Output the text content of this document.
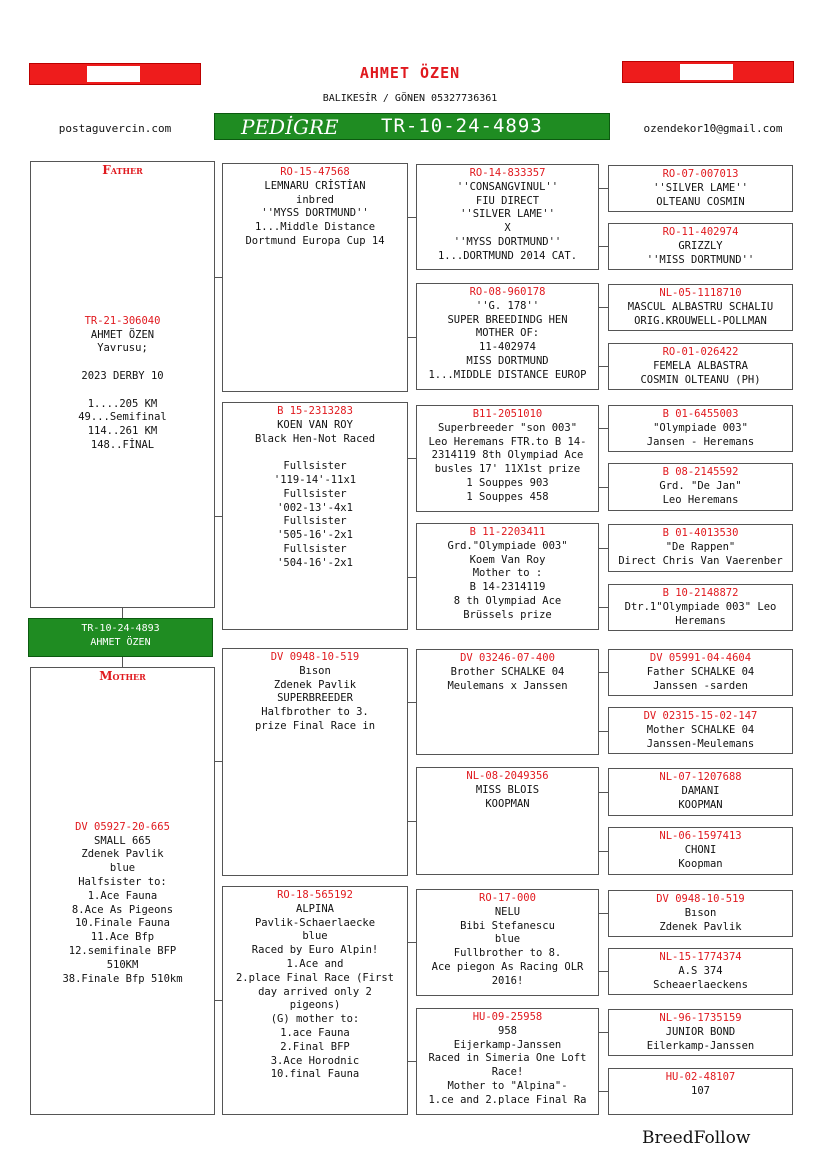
AHMET ÖZEN
BALIKESİR / GÖNEN 05327736361
postaguvercin.com	ozendekor10@gmail.com
PEDİGRE TR-10-24-4893
Father
TR-21-306040
AHMET ÖZEN
Yavrusu;

2023 DERBY 10

1....205 KM
49...Semifinal
114..261 KM
148..FİNAL
TR-10-24-4893
AHMET ÖZEN
Mother
DV 05927-20-665
SMALL 665
Zdenek Pavlik
blue
Halfsister to:
1.Ace Fauna
8.Ace As Pigeons
10.Finale Fauna
11.Ace Bfp
12.semifinale BFP
510KM
38.Finale Bfp 510km
RO-15-47568
LEMNARU CRİSTİAN
inbred
''MYSS DORTMUND''
1...Middle Distance
Dortmund Europa Cup 14
B 15-2313283
KOEN VAN ROY
Black Hen-Not Raced

Fullsister
'119-14'-11x1
Fullsister
'002-13'-4x1
Fullsister
'505-16'-2x1
Fullsister
'504-16'-2x1
DV 0948-10-519
Bıson
Zdenek Pavlik
SUPERBREEDER
Halfbrother to 3.
prize Final Race in
RO-18-565192
ALPINA
Pavlik-Schaerlaecke
blue
Raced by Euro Alpin!
1.Ace and
2.place Final Race (First
day arrived only 2
pigeons)
(G) mother to:
1.ace Fauna
2.Final BFP
3.Ace Horodnic
10.final Fauna
RO-14-833357
''CONSANGVINUL''
FIU DIRECT
''SILVER LAME''
X
''MYSS DORTMUND''
1...DORTMUND 2014 CAT.
RO-08-960178
''G. 178''
SUPER BREEDINDG HEN
MOTHER OF:
11-402974
MISS DORTMUND
1...MIDDLE DISTANCE EUROP
B11-2051010
Superbreeder "son 003"
Leo Heremans FTR.to B 14-
2314119 8th Olympiad Ace
busles 17' 11X1st prize
1 Souppes 903
1 Souppes 458
B 11-2203411
Grd."Olympiade 003"
Koem Van Roy
Mother to :
B 14-2314119
8 th Olympiad Ace
Brüssels prize
DV 03246-07-400
Brother SCHALKE 04
Meulemans x Janssen
NL-08-2049356
MISS BLOIS
KOOPMAN
RO-17-000
NELU
Bibi Stefanescu
blue
Fullbrother to 8.
Ace piegon As Racing OLR
2016!
HU-09-25958
958
Eijerkamp-Janssen
Raced in Simeria One Loft
Race!
Mother to "Alpina"-
1.ce and 2.place Final Ra
RO-07-007013
''SILVER LAME''
OLTEANU COSMIN
RO-11-402974
GRIZZLY
''MISS DORTMUND''
NL-05-1118710
MASCUL ALBASTRU SCHALIU
ORIG.KROUWELL-POLLMAN
RO-01-026422
FEMELA ALBASTRA
COSMIN OLTEANU (PH)
B 01-6455003
"Olympiade 003"
Jansen - Heremans
B 08-2145592
Grd. "De Jan"
Leo Heremans
B 01-4013530
"De Rappen"
Direct Chris Van Vaerenber
B 10-2148872
Dtr.1"Olympiade 003" Leo
Heremans
DV 05991-04-4604
Father SCHALKE 04
Janssen -sarden
DV 02315-15-02-147
Mother SCHALKE 04
Janssen-Meulemans
NL-07-1207688
DAMANI
KOOPMAN
NL-06-1597413
CHONI
Koopman
DV 0948-10-519
Bıson
Zdenek Pavlik
NL-15-1774374
A.S 374
Scheaerlaeckens
NL-96-1735159
JUNIOR BOND
Eilerkamp-Janssen
HU-02-48107
107
BreedFollow
